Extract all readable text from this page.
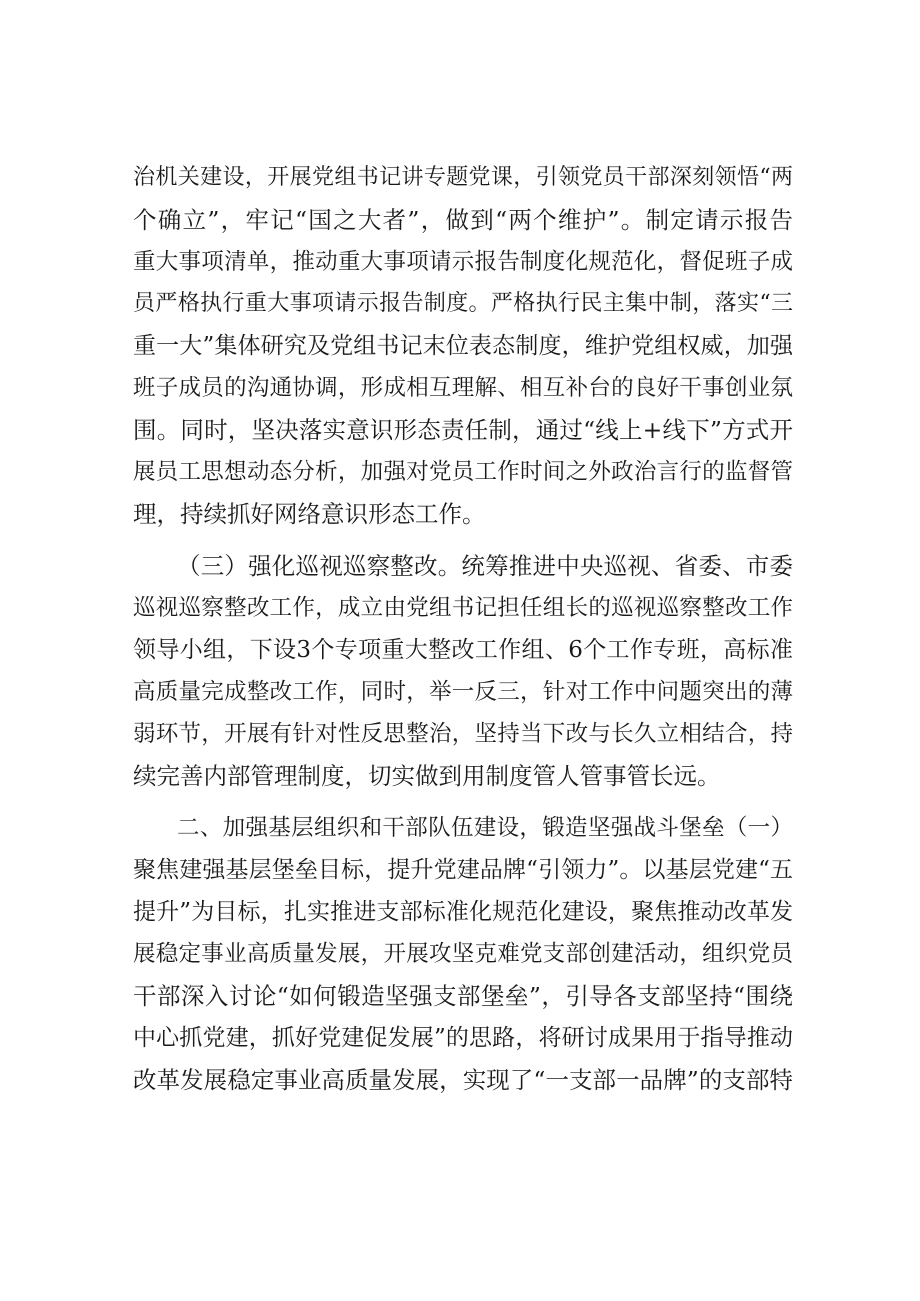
治机关建设，开展党组书记讲专题党课，引领党员干部深刻领悟“两
个确立”，牢记“国之大者”，做到“两个维护”。制定请示报告
重大事项清单，推动重大事项请示报告制度化规范化，督促班子成
员严格执行重大事项请示报告制度。严格执行民主集中制，落实“三
重一大”集体研究及党组书记末位表态制度，维护党组权威，加强
班子成员的沟通协调，形成相互理解、相互补台的良好干事创业氛
围。同时，坚决落实意识形态责任制，通过“线上+线下”方式开
展员工思想动态分析，加强对党员工作时间之外政治言行的监督管
理，持续抓好网络意识形态工作。
（三）强化巡视巡察整改。统筹推进中央巡视、省委、市委
巡视巡察整改工作，成立由党组书记担任组长的巡视巡察整改工作
领导小组，下设3个专项重大整改工作组、6个工作专班，高标准
高质量完成整改工作，同时，举一反三，针对工作中问题突出的薄
弱环节，开展有针对性反思整治，坚持当下改与长久立相结合，持
续完善内部管理制度，切实做到用制度管人管事管长远。
二、加强基层组织和干部队伍建设，锻造坚强战斗堡垒（一）
聚焦建强基层堡垒目标，提升党建品牌“引领力”。以基层党建“五
提升”为目标，扎实推进支部标准化规范化建设，聚焦推动改革发
展稳定事业高质量发展，开展攻坚克难党支部创建活动，组织党员
干部深入讨论“如何锻造坚强支部堡垒”，引导各支部坚持“围绕
中心抓党建，抓好党建促发展”的思路，将研讨成果用于指导推动
改革发展稳定事业高质量发展，实现了“一支部一品牌”的支部特
